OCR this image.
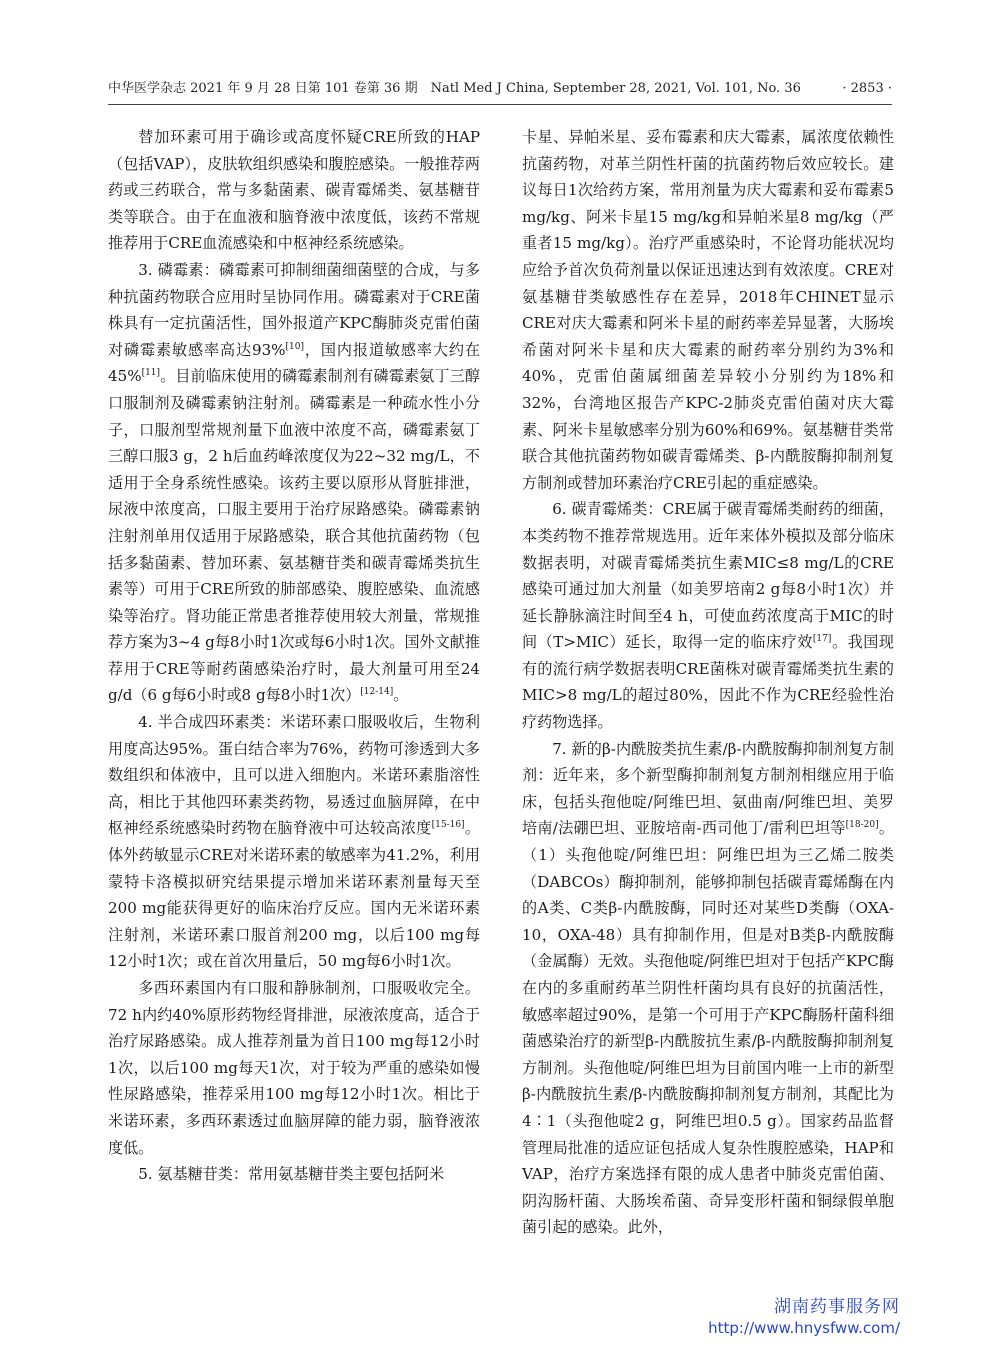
中华医学杂志 2021 年 9 月 28 日第 101 卷第 36 期　Natl Med J China, September 28, 2021, Vol. 101, No. 36	· 2853 ·

替加环素可用于确诊或高度怀疑CRE所致的HAP（包括VAP），皮肤软组织感染和腹腔感染。一般推荐两药或三药联合，常与多黏菌素、碳青霉烯类、氨基糖苷类等联合。由于在血液和脑脊液中浓度低，该药不常规推荐用于CRE血流感染和中枢神经系统感染。

3. 磷霉素：磷霉素可抑制细菌细菌壁的合成，与多种抗菌药物联合应用时呈协同作用。磷霉素对于CRE菌株具有一定抗菌活性，国外报道产KPC酶肺炎克雷伯菌对磷霉素敏感率高达93%[10]，国内报道敏感率大约在45%[11]。目前临床使用的磷霉素制剂有磷霉素氨丁三醇口服制剂及磷霉素钠注射剂。磷霉素是一种疏水性小分子，口服剂型常规剂量下血液中浓度不高，磷霉素氨丁三醇口服3 g，2 h后血药峰浓度仅为22~32 mg/L，不适用于全身系统性感染。该药主要以原形从肾脏排泄，尿液中浓度高，口服主要用于治疗尿路感染。磷霉素钠注射剂单用仅适用于尿路感染，联合其他抗菌药物（包括多黏菌素、替加环素、氨基糖苷类和碳青霉烯类抗生素等）可用于CRE所致的肺部感染、腹腔感染、血流感染等治疗。肾功能正常患者推荐使用较大剂量，常规推荐方案为3~4 g每8小时1次或每6小时1次。国外文献推荐用于CRE等耐药菌感染治疗时，最大剂量可用至24 g/d（6 g每6小时或8 g每8小时1次）[12-14]。

4. 半合成四环素类：米诺环素口服吸收后，生物利用度高达95%。蛋白结合率为76%，药物可渗透到大多数组织和体液中，且可以进入细胞内。米诺环素脂溶性高，相比于其他四环素类药物，易透过血脑屏障，在中枢神经系统感染时药物在脑脊液中可达较高浓度[15-16]。体外药敏显示CRE对米诺环素的敏感率为41.2%，利用蒙特卡洛模拟研究结果提示增加米诺环素剂量每天至200 mg能获得更好的临床治疗反应。国内无米诺环素注射剂，米诺环素口服首剂200 mg，以后100 mg每12小时1次；或在首次用量后，50 mg每6小时1次。

多西环素国内有口服和静脉制剂，口服吸收完全。72 h内约40%原形药物经肾排泄，尿液浓度高，适合于治疗尿路感染。成人推荐剂量为首日100 mg每12小时1次，以后100 mg每天1次，对于较为严重的感染如慢性尿路感染，推荐采用100 mg每12小时1次。相比于米诺环素，多西环素透过血脑屏障的能力弱，脑脊液浓度低。

5. 氨基糖苷类：常用氨基糖苷类主要包括阿米

卡星、异帕米星、妥布霉素和庆大霉素，属浓度依赖性抗菌药物，对革兰阴性杆菌的抗菌药物后效应较长。建议每日1次给药方案，常用剂量为庆大霉素和妥布霉素5 mg/kg、阿米卡星15 mg/kg和异帕米星8 mg/kg（严重者15 mg/kg）。治疗严重感染时，不论肾功能状况均应给予首次负荷剂量以保证迅速达到有效浓度。CRE对氨基糖苷类敏感性存在差异，2018年CHINET显示CRE对庆大霉素和阿米卡星的耐药率差异显著，大肠埃希菌对阿米卡星和庆大霉素的耐药率分别约为3%和40%，克雷伯菌属细菌差异较小分别约为18%和32%，台湾地区报告产KPC-2肺炎克雷伯菌对庆大霉素、阿米卡星敏感率分别为60%和69%。氨基糖苷类常联合其他抗菌药物如碳青霉烯类、β-内酰胺酶抑制剂复方制剂或替加环素治疗CRE引起的重症感染。

6. 碳青霉烯类：CRE属于碳青霉烯类耐药的细菌，本类药物不推荐常规选用。近年来体外模拟及部分临床数据表明，对碳青霉烯类抗生素MIC≤8 mg/L的CRE感染可通过加大剂量（如美罗培南2 g每8小时1次）并延长静脉滴注时间至4 h，可使血药浓度高于MIC的时间（T>MIC）延长，取得一定的临床疗效[17]。我国现有的流行病学数据表明CRE菌株对碳青霉烯类抗生素的MIC>8 mg/L的超过80%，因此不作为CRE经验性治疗药物选择。

7. 新的β-内酰胺类抗生素/β-内酰胺酶抑制剂复方制剂：近年来，多个新型酶抑制剂复方制剂相继应用于临床，包括头孢他啶/阿维巴坦、氨曲南/阿维巴坦、美罗培南/法硼巴坦、亚胺培南-西司他丁/雷利巴坦等[18-20]。（1）头孢他啶/阿维巴坦：阿维巴坦为三乙烯二胺类（DABCOs）酶抑制剂，能够抑制包括碳青霉烯酶在内的A类、C类β-内酰胺酶，同时还对某些D类酶（OXA-10，OXA-48）具有抑制作用，但是对B类β-内酰胺酶（金属酶）无效。头孢他啶/阿维巴坦对于包括产KPC酶在内的多重耐药革兰阴性杆菌均具有良好的抗菌活性，敏感率超过90%，是第一个可用于产KPC酶肠杆菌科细菌感染治疗的新型β-内酰胺抗生素/β-内酰胺酶抑制剂复方制剂。头孢他啶/阿维巴坦为目前国内唯一上市的新型β-内酰胺抗生素/β-内酰胺酶抑制剂复方制剂，其配比为4∶1（头孢他啶2 g，阿维巴坦0.5 g）。国家药品监督管理局批准的适应证包括成人复杂性腹腔感染，HAP和VAP，治疗方案选择有限的成人患者中肺炎克雷伯菌、阴沟肠杆菌、大肠埃希菌、奇异变形杆菌和铜绿假单胞菌引起的感染。此外，

湖南药事服务网
http://www.hnysfww.com/
